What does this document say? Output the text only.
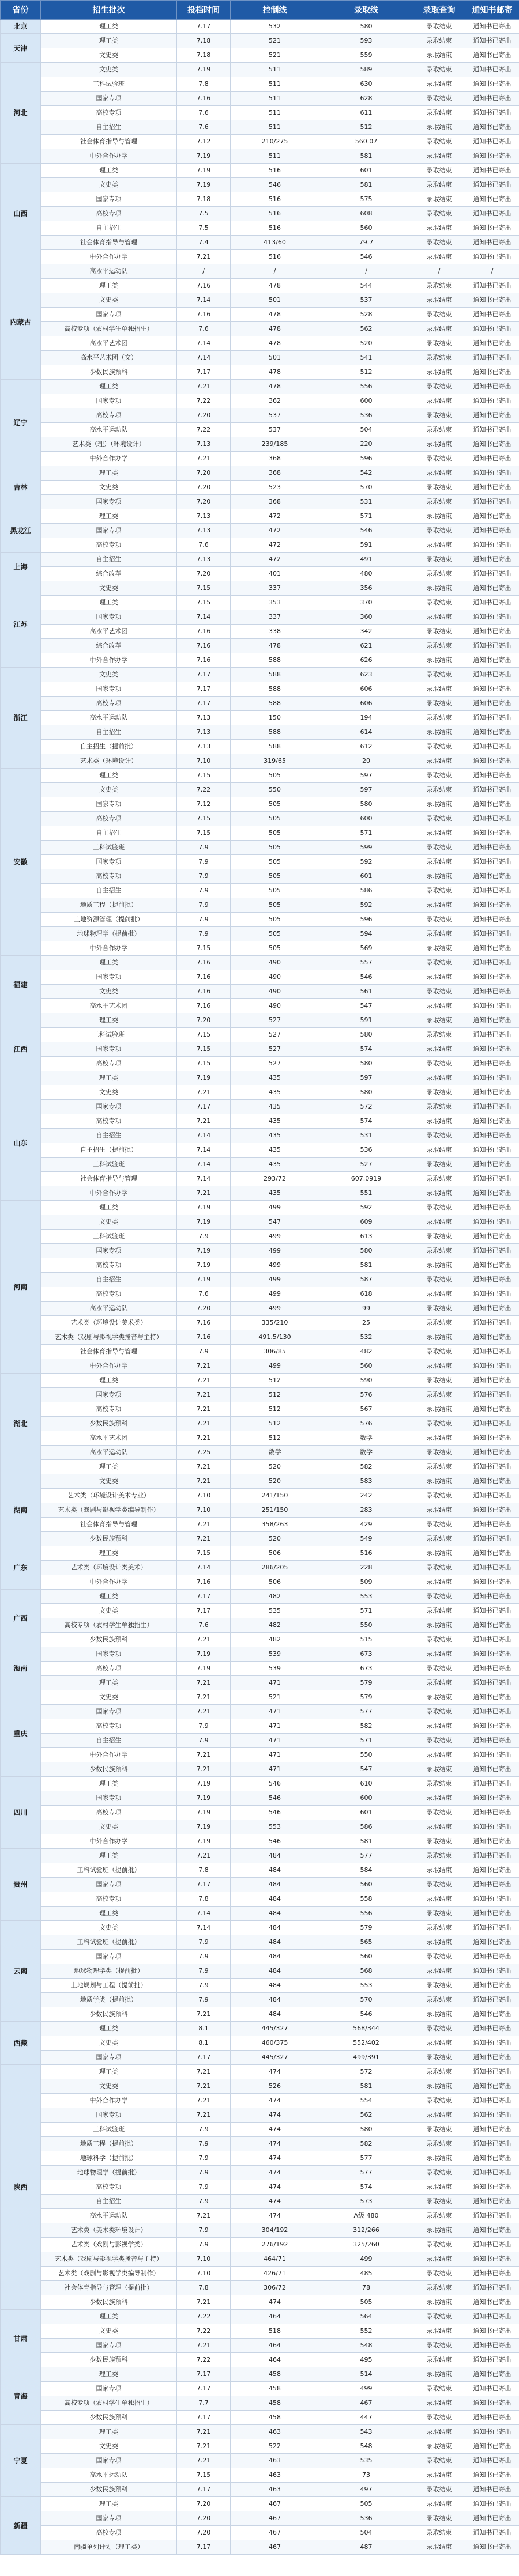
省份	招生批次	投档时间	控制线	录取线	录取查询	通知书邮寄
北京	理工类	7.17	532	580	录取结束	通知书已寄出
天津	理工类	7.18	521	593	录取结束	通知书已寄出
	文史类	7.18	521	559	录取结束	通知书已寄出
河北	文史类	7.19	511	589	录取结束	通知书已寄出
	工科试验班	7.8	511	630	录取结束	通知书已寄出
	国家专项	7.16	511	628	录取结束	通知书已寄出
	高校专项	7.6	511	611	录取结束	通知书已寄出
	自主招生	7.6	511	512	录取结束	通知书已寄出
	社会体育指导与管理	7.12	210/275	560.07	录取结束	通知书已寄出
	中外合作办学	7.19	511	581	录取结束	通知书已寄出
山西	理工类	7.19	516	601	录取结束	通知书已寄出
	文史类	7.19	546	581	录取结束	通知书已寄出
	国家专项	7.18	516	575	录取结束	通知书已寄出
	高校专项	7.5	516	608	录取结束	通知书已寄出
	自主招生	7.5	516	560	录取结束	通知书已寄出
	社会体育指导与管理	7.4	413/60	79.7	录取结束	通知书已寄出
	中外合作办学	7.21	516	546	录取结束	通知书已寄出
内蒙古	高水平运动队	/	/	/	/	/
	理工类	7.16	478	544	录取结束	通知书已寄出
	文史类	7.14	501	537	录取结束	通知书已寄出
	国家专项	7.16	478	528	录取结束	通知书已寄出
	高校专项（农村学生单独招生）	7.6	478	562	录取结束	通知书已寄出
	高水平艺术团	7.14	478	520	录取结束	通知书已寄出
	高水平艺术团（文）	7.14	501	541	录取结束	通知书已寄出
	少数民族预科	7.17	478	512	录取结束	通知书已寄出
辽宁	理工类	7.21	478	556	录取结束	通知书已寄出
	国家专项	7.22	362	600	录取结束	通知书已寄出
	高校专项	7.20	537	536	录取结束	通知书已寄出
	高水平运动队	7.22	537	504	录取结束	通知书已寄出
	艺术类（理）（环境设计）	7.13	239/185	220	录取结束	通知书已寄出
	中外合作办学	7.21	368	596	录取结束	通知书已寄出
吉林	理工类	7.20	368	542	录取结束	通知书已寄出
	文史类	7.20	523	570	录取结束	通知书已寄出
	国家专项	7.20	368	531	录取结束	通知书已寄出
黑龙江	理工类	7.13	472	571	录取结束	通知书已寄出
	国家专项	7.13	472	546	录取结束	通知书已寄出
	高校专项	7.6	472	591	录取结束	通知书已寄出
上海	自主招生	7.13	472	491	录取结束	通知书已寄出
	综合改革	7.20	401	480	录取结束	通知书已寄出
江苏	文史类	7.15	337	356	录取结束	通知书已寄出
	理工类	7.15	353	370	录取结束	通知书已寄出
	国家专项	7.14	337	360	录取结束	通知书已寄出
	高水平艺术团	7.16	338	342	录取结束	通知书已寄出
	综合改革	7.16	478	621	录取结束	通知书已寄出
	中外合作办学	7.16	588	626	录取结束	通知书已寄出
浙江	文史类	7.17	588	623	录取结束	通知书已寄出
	国家专项	7.17	588	606	录取结束	通知书已寄出
	高校专项	7.17	588	606	录取结束	通知书已寄出
	高水平运动队	7.13	150	194	录取结束	通知书已寄出
	自主招生	7.13	588	614	录取结束	通知书已寄出
	自主招生（提前批）	7.13	588	612	录取结束	通知书已寄出
	艺术类（环境设计）	7.10	319/65	20	录取结束	通知书已寄出
安徽	理工类	7.15	505	597	录取结束	通知书已寄出
	文史类	7.22	550	597	录取结束	通知书已寄出
	国家专项	7.12	505	580	录取结束	通知书已寄出
	高校专项	7.15	505	600	录取结束	通知书已寄出
	自主招生	7.15	505	571	录取结束	通知书已寄出
	工科试验班	7.9	505	599	录取结束	通知书已寄出
	国家专项	7.9	505	592	录取结束	通知书已寄出
	高校专项	7.9	505	601	录取结束	通知书已寄出
	自主招生	7.9	505	586	录取结束	通知书已寄出
	地质工程（提前批）	7.9	505	592	录取结束	通知书已寄出
	土地资源管理（提前批）	7.9	505	596	录取结束	通知书已寄出
	地球物理学（提前批）	7.9	505	594	录取结束	通知书已寄出
	中外合作办学	7.15	505	569	录取结束	通知书已寄出
福建	理工类	7.16	490	557	录取结束	通知书已寄出
	国家专项	7.16	490	546	录取结束	通知书已寄出
	文史类	7.16	490	561	录取结束	通知书已寄出
	高水平艺术团	7.16	490	547	录取结束	通知书已寄出
江西	理工类	7.20	527	591	录取结束	通知书已寄出
	工科试验班	7.15	527	580	录取结束	通知书已寄出
	国家专项	7.15	527	574	录取结束	通知书已寄出
	高校专项	7.15	527	580	录取结束	通知书已寄出
	理工类	7.19	435	597	录取结束	通知书已寄出
山东	文史类	7.21	435	580	录取结束	通知书已寄出
	国家专项	7.17	435	572	录取结束	通知书已寄出
	高校专项	7.21	435	574	录取结束	通知书已寄出
	自主招生	7.14	435	531	录取结束	通知书已寄出
	自主招生（提前批）	7.14	435	536	录取结束	通知书已寄出
	工科试验班	7.14	435	527	录取结束	通知书已寄出
	社会体育指导与管理	7.14	293/72	607.0919	录取结束	通知书已寄出
	中外合作办学	7.21	435	551	录取结束	通知书已寄出
河南	理工类	7.19	499	592	录取结束	通知书已寄出
	文史类	7.19	547	609	录取结束	通知书已寄出
	工科试验班	7.9	499	613	录取结束	通知书已寄出
	国家专项	7.19	499	580	录取结束	通知书已寄出
	高校专项	7.19	499	581	录取结束	通知书已寄出
	自主招生	7.19	499	587	录取结束	通知书已寄出
	高校专项	7.6	499	618	录取结束	通知书已寄出
	高水平运动队	7.20	499	99	录取结束	通知书已寄出
	艺术类（环境设计美术类）	7.16	335/210	25	录取结束	通知书已寄出
	艺术类（戏剧与影视学类播音与主持）	7.16	491.5/130	532	录取结束	通知书已寄出
	社会体育指导与管理	7.9	306/85	482	录取结束	通知书已寄出
	中外合作办学	7.21	499	560	录取结束	通知书已寄出
湖北	理工类	7.21	512	590	录取结束	通知书已寄出
	国家专项	7.21	512	576	录取结束	通知书已寄出
	高校专项	7.21	512	567	录取结束	通知书已寄出
	少数民族预科	7.21	512	576	录取结束	通知书已寄出
	高水平艺术团	7.21	512	数学	录取结束	通知书已寄出
	高水平运动队	7.25	数学	数学	录取结束	通知书已寄出
	理工类	7.21	520	582	录取结束	通知书已寄出
湖南	文史类	7.21	520	583	录取结束	通知书已寄出
	艺术类（环境设计美术专业）	7.10	241/150	242	录取结束	通知书已寄出
	艺术类（戏剧与影视学类编导制作）	7.10	251/150	283	录取结束	通知书已寄出
	社会体育指导与管理	7.21	358/263	429	录取结束	通知书已寄出
	少数民族预科	7.21	520	549	录取结束	通知书已寄出
广东	理工类	7.15	506	516	录取结束	通知书已寄出
	艺术类（环境设计类美术）	7.14	286/205	228	录取结束	通知书已寄出
	中外合作办学	7.16	506	509	录取结束	通知书已寄出
广西	理工类	7.17	482	553	录取结束	通知书已寄出
	文史类	7.17	535	571	录取结束	通知书已寄出
	高校专项（农村学生单独招生）	7.6	482	550	录取结束	通知书已寄出
	少数民族预科	7.21	482	515	录取结束	通知书已寄出
海南	国家专项	7.19	539	673	录取结束	通知书已寄出
	高校专项	7.19	539	673	录取结束	通知书已寄出
	理工类	7.21	471	579	录取结束	通知书已寄出
重庆	文史类	7.21	521	579	录取结束	通知书已寄出
	国家专项	7.21	471	577	录取结束	通知书已寄出
	高校专项	7.9	471	582	录取结束	通知书已寄出
	自主招生	7.9	471	571	录取结束	通知书已寄出
	中外合作办学	7.21	471	550	录取结束	通知书已寄出
	少数民族预科	7.21	471	547	录取结束	通知书已寄出
四川	理工类	7.19	546	610	录取结束	通知书已寄出
	国家专项	7.19	546	600	录取结束	通知书已寄出
	高校专项	7.19	546	601	录取结束	通知书已寄出
	文史类	7.19	553	586	录取结束	通知书已寄出
	中外合作办学	7.19	546	581	录取结束	通知书已寄出
贵州	理工类	7.21	484	577	录取结束	通知书已寄出
	工科试验班（提前批）	7.8	484	584	录取结束	通知书已寄出
	国家专项	7.17	484	560	录取结束	通知书已寄出
	高校专项	7.8	484	558	录取结束	通知书已寄出
	理工类	7.14	484	556	录取结束	通知书已寄出
云南	文史类	7.14	484	579	录取结束	通知书已寄出
	工科试验班（提前批）	7.9	484	565	录取结束	通知书已寄出
	国家专项	7.9	484	560	录取结束	通知书已寄出
	地球物理学类（提前批）	7.9	484	568	录取结束	通知书已寄出
	土地规划与工程（提前批）	7.9	484	553	录取结束	通知书已寄出
	地质学类（提前批）	7.9	484	570	录取结束	通知书已寄出
	少数民族预科	7.21	484	546	录取结束	通知书已寄出
西藏	理工类	8.1	445/327	568/344	录取结束	通知书已寄出
	文史类	8.1	460/375	552/402	录取结束	通知书已寄出
	国家专项	7.17	445/327	499/391	录取结束	通知书已寄出
陕西	理工类	7.21	474	572	录取结束	通知书已寄出
	文史类	7.21	526	581	录取结束	通知书已寄出
	中外合作办学	7.21	474	554	录取结束	通知书已寄出
	国家专项	7.21	474	562	录取结束	通知书已寄出
	工科试验班	7.9	474	580	录取结束	通知书已寄出
	地质工程（提前批）	7.9	474	582	录取结束	通知书已寄出
	地球科学（提前批）	7.9	474	577	录取结束	通知书已寄出
	地球物理学（提前批）	7.9	474	577	录取结束	通知书已寄出
	高校专项	7.9	474	574	录取结束	通知书已寄出
	自主招生	7.9	474	573	录取结束	通知书已寄出
	高水平运动队	7.21	474	A级 480	录取结束	通知书已寄出
	艺术类（美术类环境设计）	7.9	304/192	312/266	录取结束	通知书已寄出
	艺术类（戏剧与影视学类）	7.9	276/192	325/260	录取结束	通知书已寄出
	艺术类（戏剧与影视学类播音与主持）	7.10	464/71	499	录取结束	通知书已寄出
	艺术类（戏剧与影视学类编导制作）	7.10	426/71	485	录取结束	通知书已寄出
	社会体育指导与管理（提前批）	7.8	306/72	78	录取结束	通知书已寄出
	少数民族预科	7.21	474	505	录取结束	通知书已寄出
甘肃	理工类	7.22	464	564	录取结束	通知书已寄出
	文史类	7.22	518	552	录取结束	通知书已寄出
	国家专项	7.21	464	548	录取结束	通知书已寄出
	少数民族预科	7.22	464	495	录取结束	通知书已寄出
青海	理工类	7.17	458	514	录取结束	通知书已寄出
	国家专项	7.17	458	499	录取结束	通知书已寄出
	高校专项（农村学生单独招生）	7.7	458	467	录取结束	通知书已寄出
	少数民族预科	7.17	458	447	录取结束	通知书已寄出
宁夏	理工类	7.21	463	543	录取结束	通知书已寄出
	文史类	7.21	522	548	录取结束	通知书已寄出
	国家专项	7.21	463	535	录取结束	通知书已寄出
	高水平运动队	7.15	463	73	录取结束	通知书已寄出
	少数民族预科	7.17	463	497	录取结束	通知书已寄出
新疆	理工类	7.20	467	505	录取结束	通知书已寄出
	国家专项	7.20	467	536	录取结束	通知书已寄出
	高校专项	7.20	467	504	录取结束	通知书已寄出
	南疆单列计划（理工类）	7.17	467	487	录取结束	通知书已寄出
